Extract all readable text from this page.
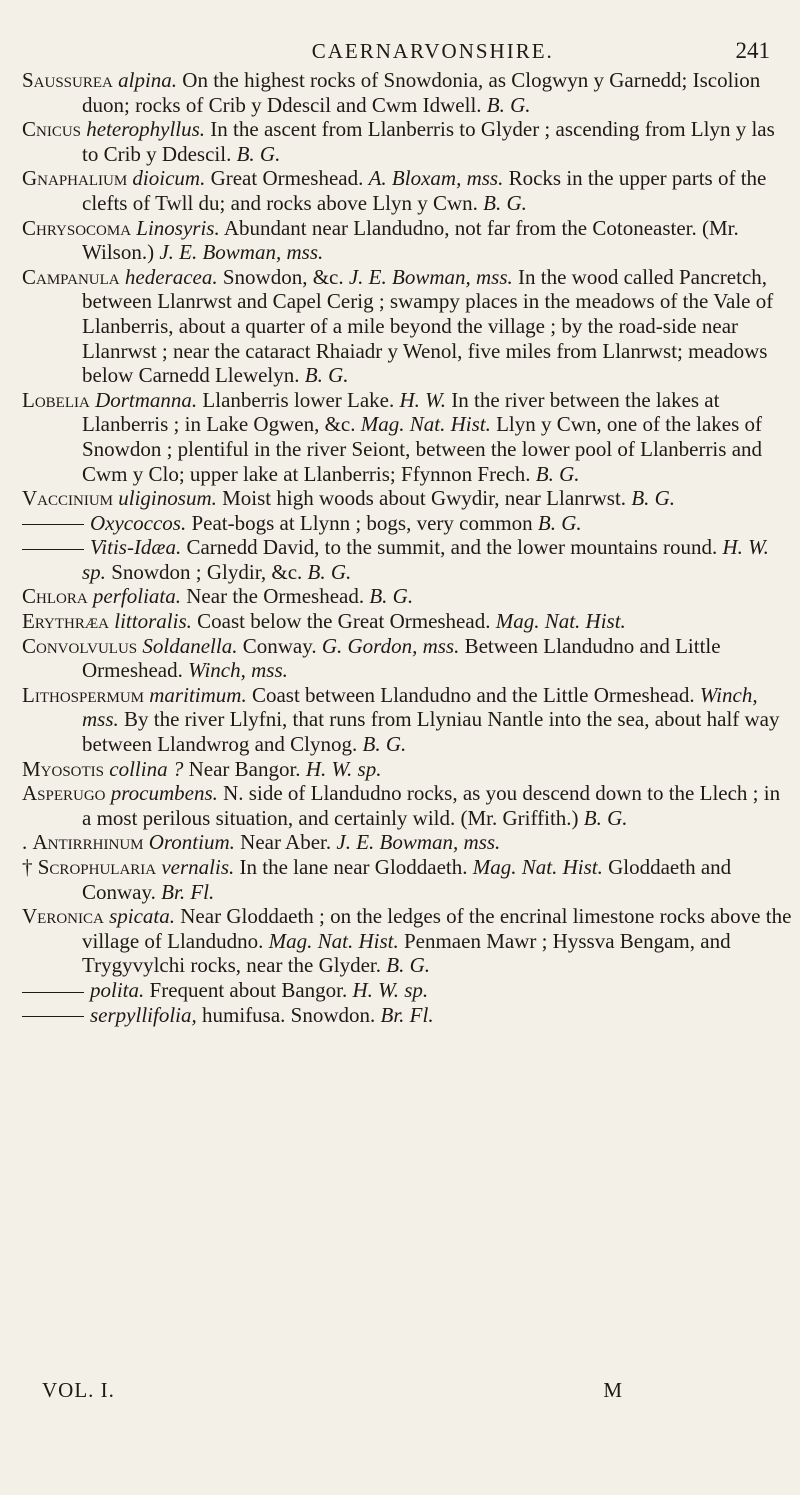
CAERNARVONSHIRE.	241

Saussurea alpina. On the highest rocks of Snowdonia, as Clogwyn y Garnedd; Iscolion duon; rocks of Crib y Ddescil and Cwm Idwell. B. G.

Cnicus heterophyllus. In the ascent from Llanberris to Glyder ; ascending from Llyn y las to Crib y Ddescil. B. G.

Gnaphalium dioicum. Great Ormeshead. A. Bloxam, mss. Rocks in the upper parts of the clefts of Twll du; and rocks above Llyn y Cwn. B. G.

Chrysocoma Linosyris. Abundant near Llandudno, not far from the Cotoneaster. (Mr. Wilson.) J. E. Bowman, mss.

Campanula hederacea. Snowdon, &c. J. E. Bowman, mss. In the wood called Pancretch, between Llanrwst and Capel Cerig ; swampy places in the meadows of the Vale of Llanberris, about a quarter of a mile beyond the village ; by the road-side near Llanrwst ; near the cataract Rhaiadr y Wenol, five miles from Llanrwst; meadows below Carnedd Llewelyn. B. G.

Lobelia Dortmanna. Llanberris lower Lake. H. W. In the river between the lakes at Llanberris ; in Lake Ogwen, &c. Mag. Nat. Hist. Llyn y Cwn, one of the lakes of Snowdon ; plentiful in the river Seiont, between the lower pool of Llanberris and Cwm y Clo; upper lake at Llanberris; Ffynnon Frech. B. G.

Vaccinium uliginosum. Moist high woods about Gwydir, near Llanrwst. B. G.

Oxycoccos. Peat-bogs at Llynn ; bogs, very common B. G.

Vitis-Idæa. Carnedd David, to the summit, and the lower mountains round. H. W. sp. Snowdon ; Glydir, &c. B. G.

Chlora perfoliata. Near the Ormeshead. B. G.

Erythræa littoralis. Coast below the Great Ormeshead. Mag. Nat. Hist.

Convolvulus Soldanella. Conway. G. Gordon, mss. Between Llandudno and Little Ormeshead. Winch, mss.

Lithospermum maritimum. Coast between Llandudno and the Little Ormeshead. Winch, mss. By the river Llyfni, that runs from Llyniau Nantle into the sea, about half way between Llandwrog and Clynog. B. G.

Myosotis collina ? Near Bangor. H. W. sp.

Asperugo procumbens. N. side of Llandudno rocks, as you descend down to the Llech ; in a most perilous situation, and certainly wild. (Mr. Griffith.) B. G.

. Antirrhinum Orontium. Near Aber. J. E. Bowman, mss.

† Scrophularia vernalis. In the lane near Gloddaeth. Mag. Nat. Hist. Gloddaeth and Conway. Br. Fl.

Veronica spicata. Near Gloddaeth ; on the ledges of the encrinal limestone rocks above the village of Llandudno. Mag. Nat. Hist. Penmaen Mawr ; Hyssva Bengam, and Trygyvylchi rocks, near the Glyder. B. G.

polita. Frequent about Bangor. H. W. sp.

serpyllifolia, humifusa. Snowdon. Br. Fl.

VOL. I.	M
